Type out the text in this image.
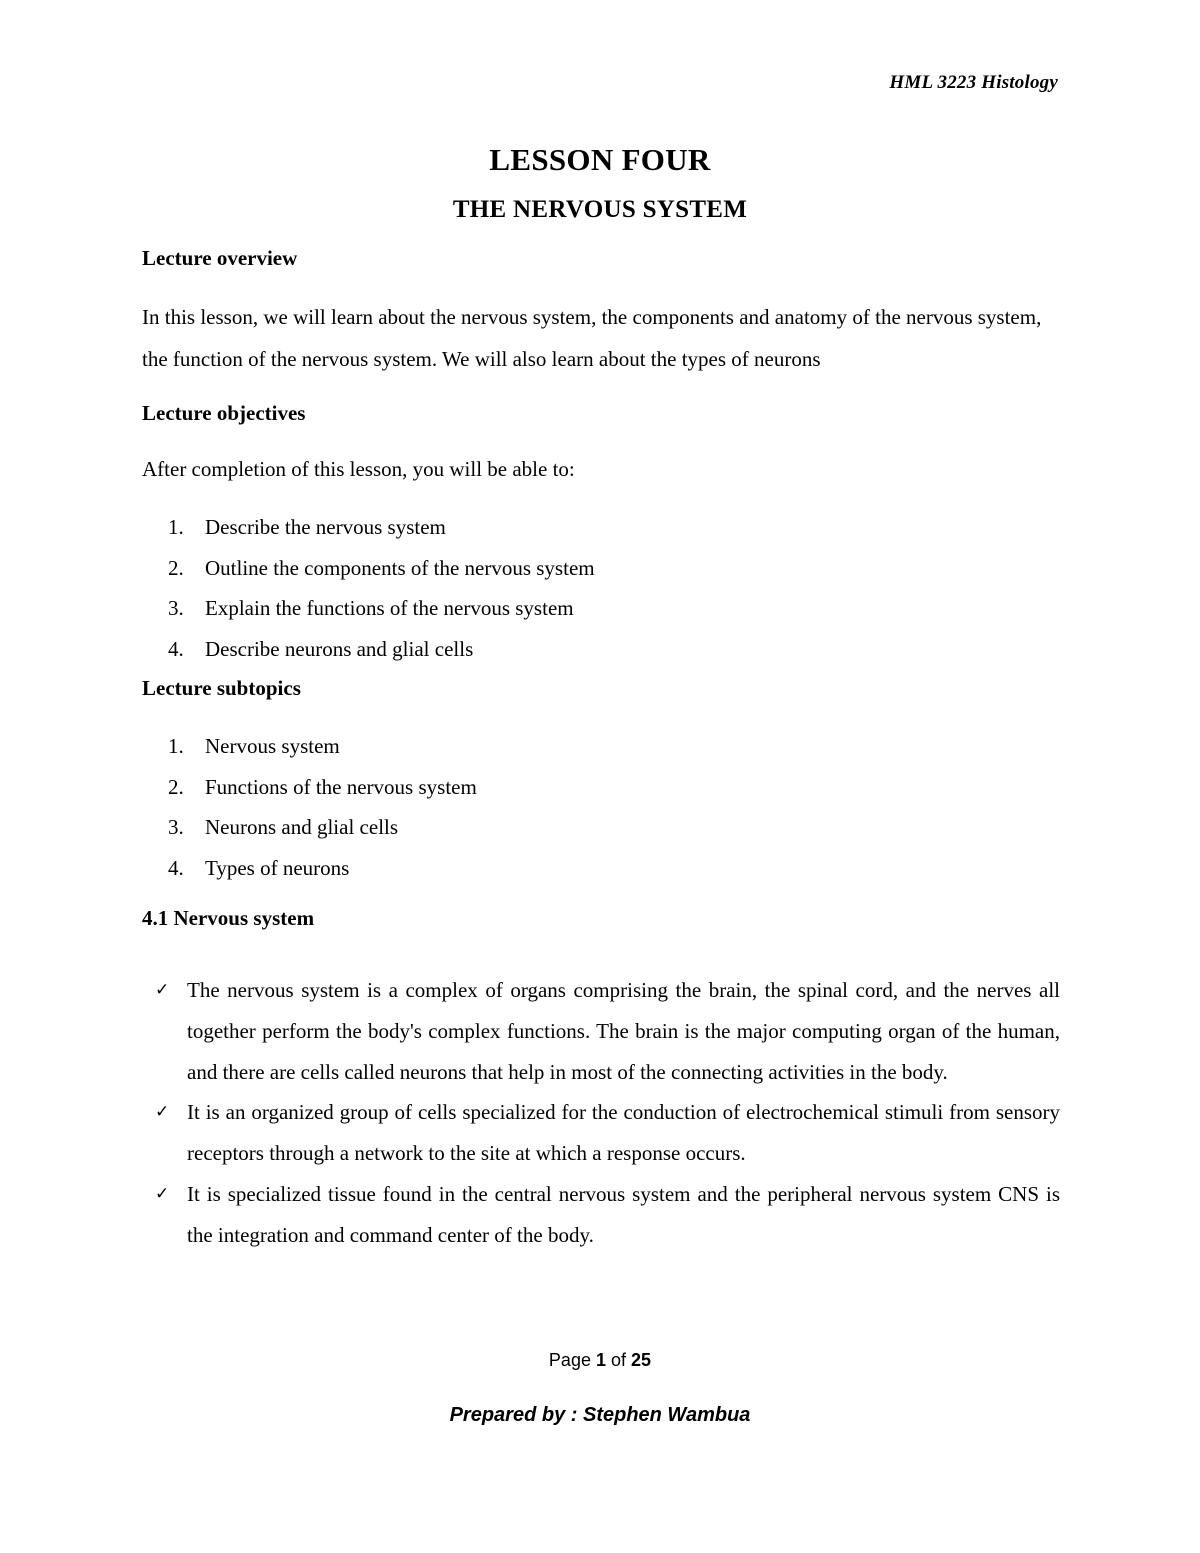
HML 3223 Histology
LESSON FOUR
THE NERVOUS SYSTEM
Lecture overview

In this lesson, we will learn about the nervous system, the components and anatomy of the nervous system, the function of the nervous system. We will also learn about the types of neurons

Lecture objectives
After completion of this lesson, you will be able to:
1. Describe the nervous system
2. Outline the components of the nervous system
3. Explain the functions of the nervous system
4. Describe neurons and glial cells
Lecture subtopics
1. Nervous system
2. Functions of the nervous system
3. Neurons and glial cells
4. Types of neurons
4.1 Nervous system
✓ The nervous system is a complex of organs comprising the brain, the spinal cord, and the nerves all together perform the body's complex functions. The brain is the major computing organ of the human, and there are cells called neurons that help in most of the connecting activities in the body.
✓ It is an organized group of cells specialized for the conduction of electrochemical stimuli from sensory receptors through a network to the site at which a response occurs.
✓ It is specialized tissue found in the central nervous system and the peripheral nervous system CNS is the integration and command center of the body.
Page 1 of 25
Prepared by : Stephen Wambua
